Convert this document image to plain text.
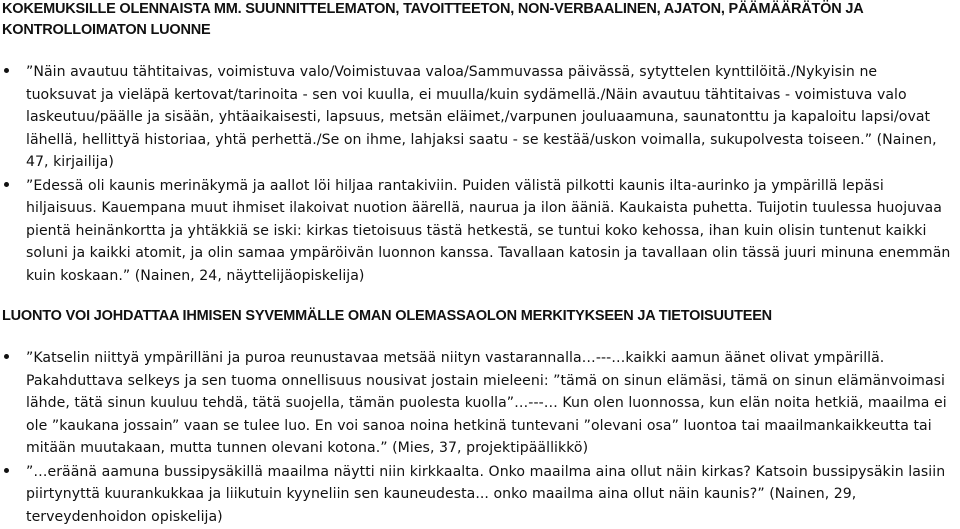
KOKEMUKSILLE OLENNAISTA MM. SUUNNITTELEMATON, TAVOITTEETON, NON-VERBAALINEN, AJATON, PÄÄMÄÄRÄTÖN JA KONTROLLOIMATON LUONNE
”Näin avautuu tähtitaivas, voimistuva valo/Voimistuvaa valoa/Sammuvassa päivässä, sytyttelen kynttilöitä./Nykyisin ne tuoksuvat ja vieläpä kertovat/tarinoita - sen voi kuulla, ei muulla/kuin sydämellä./Näin avautuu tähtitaivas - voimistuva valo laskeutuu/päälle ja sisään, yhtäaikaisesti, lapsuus, metsän eläimet,/varpunen jouluaamuna, saunatonttu ja kapaloitu lapsi/ovat lähellä, hellittyä historiaa, yhtä perhettä./Se on ihme, lahjaksi saatu - se kestää/uskon voimalla, sukupolvesta toiseen.” (Nainen, 47, kirjailija)
”Edessä oli kaunis merinäkymä ja aallot löi hiljaa rantakiviin. Puiden välistä pilkotti kaunis ilta-aurinko ja ympärillä lepäsi hiljaisuus. Kauempana muut ihmiset ilakoivat nuotion äärellä, naurua ja ilon ääniä. Kaukaista puhetta. Tuijotin tuulessa huojuvaa pientä heinänkortta ja yhtäkkiä se iski: kirkas tietoisuus tästä hetkestä, se tuntui koko kehossa, ihan kuin olisin tuntenut kaikki soluni ja kaikki atomit, ja olin samaa ympäröivän luonnon kanssa. Tavallaan katosin ja tavallaan olin tässä juuri minuna enemmän kuin koskaan.” (Nainen, 24, näyttelijäopiskelija)
LUONTO VOI JOHDATTAA IHMISEN SYVEMMÄLLE OMAN OLEMASSAOLON MERKITYKSEEN JA TIETOISUUTEEN
”Katselin niittyä ympärilläni ja puroa reunustavaa metsää niityn vastarannalla…---…kaikki aamun äänet olivat ympärillä. Pakahduttava selkeys ja sen tuoma onnellisuus nousivat jostain mieleeni: ”tämä on sinun elämäsi, tämä on sinun elämänvoimasi lähde, tätä sinun kuuluu tehdä, tätä suojella, tämän puolesta kuolla”…---… Kun olen luonnossa, kun elän noita hetkiä, maailma ei ole ”kaukana jossain” vaan se tulee luo. En voi sanoa noina hetkinä tuntevani ”olevani osa” luontoa tai maailmankaikkeutta tai mitään muutakaan, mutta tunnen olevani kotona.” (Mies, 37, projektipäällikkö)
”…eräänä aamuna bussipysäkillä maailma näytti niin kirkkaalta. Onko maailma aina ollut näin kirkas? Katsoin bussipysäkin lasiin piirtynyttä kuurankukkaa ja liikutuin kyyneliin sen kauneudesta... onko maailma aina ollut näin kaunis?” (Nainen, 29, terveydenhoidon opiskelija)
